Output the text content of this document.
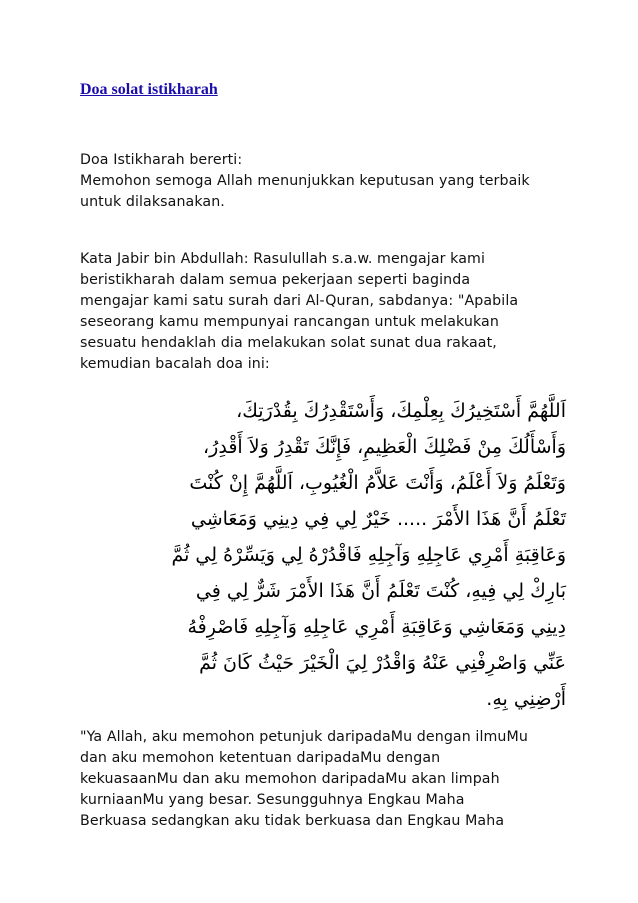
Doa solat istikharah

Doa Istikharah bererti:

Memohon semoga Allah menunjukkan keputusan yang terbaik

untuk dilaksanakan.

Kata Jabir bin Abdullah: Rasulullah s.a.w. mengajar kami

beristikharah dalam semua pekerjaan seperti baginda

mengajar kami satu surah dari Al-Quran, sabdanya: "Apabila

seseorang kamu mempunyai rancangan untuk melakukan

sesuatu hendaklah dia melakukan solat sunat dua rakaat,

kemudian bacalah doa ini:

اَللَّهُمَّ أَسْتَخِيرُكَ بِعِلْمِكَ، وَأَسْتَقْدِرُكَ بِقُدْرَتِكَ،

وَأَسْأَلُكَ مِنْ فَضْلِكَ الْعَظِيمِ، فَإِنَّكَ تَقْدِرُ وَلاَ أَقْدِرُ،

وَتَعْلَمُ وَلاَ أَعْلَمُ، وَأَنْتَ عَلاَّمُ الْغُيُوبِ، اَللَّهُمَّ إِنْ كُنْتَ

تَعْلَمُ أَنَّ هَذَا الأَمْرَ ..... خَيْرٌ لِي فِي دِينِي وَمَعَاشِي

وَعَاقِبَةِ أَمْرِي عَاجِلِهِ وَآجِلِهِ فَاقْدُرْهُ لِي وَيَسِّرْهُ لِي ثُمَّ

بَارِكْ لِي فِيهِ، كُنْتَ تَعْلَمُ أَنَّ هَذَا الأَمْرَ شَرٌّ لِي فِي

دِينِي وَمَعَاشِي وَعَاقِبَةِ أَمْرِي عَاجِلِهِ وَآجِلِهِ فَاصْرِفْهُ

عَنِّي وَاصْرِفْنِي عَنْهُ وَاقْدُرْ لِيَ الْخَيْرَ حَيْثُ كَانَ ثُمَّ

أَرْضِنِي بِهِ.

"Ya Allah, aku memohon petunjuk daripadaMu dengan ilmuMu

dan aku memohon ketentuan daripadaMu dengan

kekuasaanMu dan aku memohon daripadaMu akan limpah

kurniaanMu yang besar. Sesungguhnya Engkau Maha

Berkuasa sedangkan aku tidak berkuasa dan Engkau Maha
